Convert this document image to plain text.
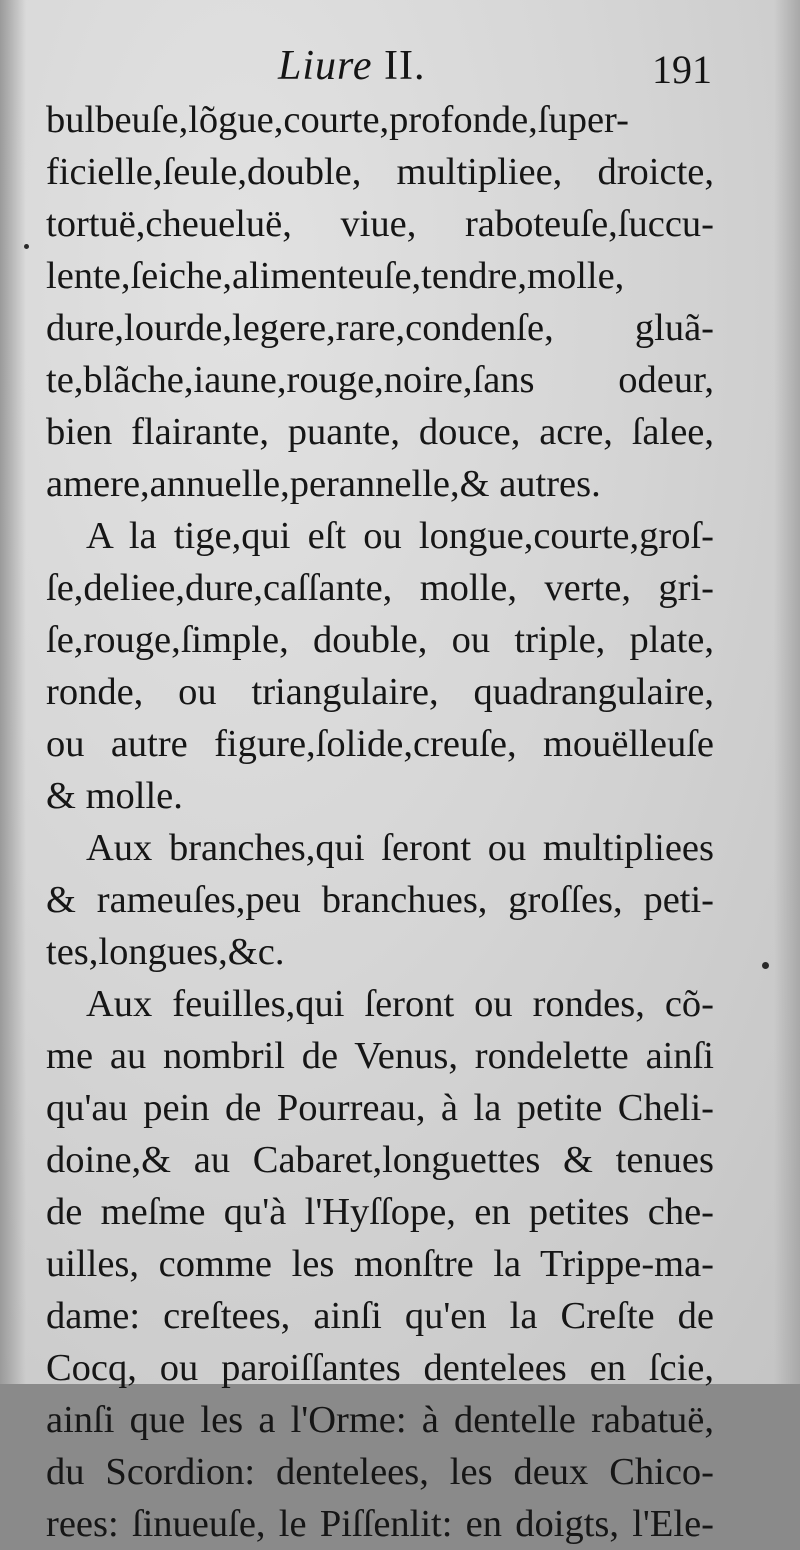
Liure II.	191
bulbeuſe,lõgue,courte,profonde,ſuper-
ficielle,ſeule,double, multipliee, droicte,
tortuë,cheueluë, viue, raboteuſe,ſuccu-
lente,ſeiche,alimenteuſe,tendre,molle,
dure,lourde,legere,rare,condenſe, gluã-
te,blãche,iaune,rouge,noire,ſans odeur,
bien flairante, puante, douce, acre, ſalee,
amere,annuelle,perannelle,& autres.
A la tige,qui eſt ou longue,courte,groſ-
ſe,deliee,dure,caſſante, molle, verte, gri-
ſe,rouge,ſimple, double, ou triple, plate,
ronde, ou triangulaire, quadrangulaire,
ou autre figure,ſolide,creuſe, mouëlleuſe
& molle.
Aux branches,qui ſeront ou multipliees
& rameuſes,peu branchues, groſſes, peti-
tes,longues,&c.
Aux feuilles,qui ſeront ou rondes, cõ-
me au nombril de Venus, rondelette ainſi
qu'au pein de Pourreau, à la petite Cheli-
doine,& au Cabaret,longuettes & tenues
de meſme qu'à l'Hyſſope, en petites che-
uilles, comme les monſtre la Trippe-ma-
dame: creſtees, ainſi qu'en la Creſte de
Cocq, ou paroiſſantes dentelees en ſcie,
ainſi que les a l'Orme: à dentelle rabatuë,
du Scordion: dentelees, les deux Chico-
rees: ſinueuſe, le Piſſenlit: en doigts, l'Ele-
